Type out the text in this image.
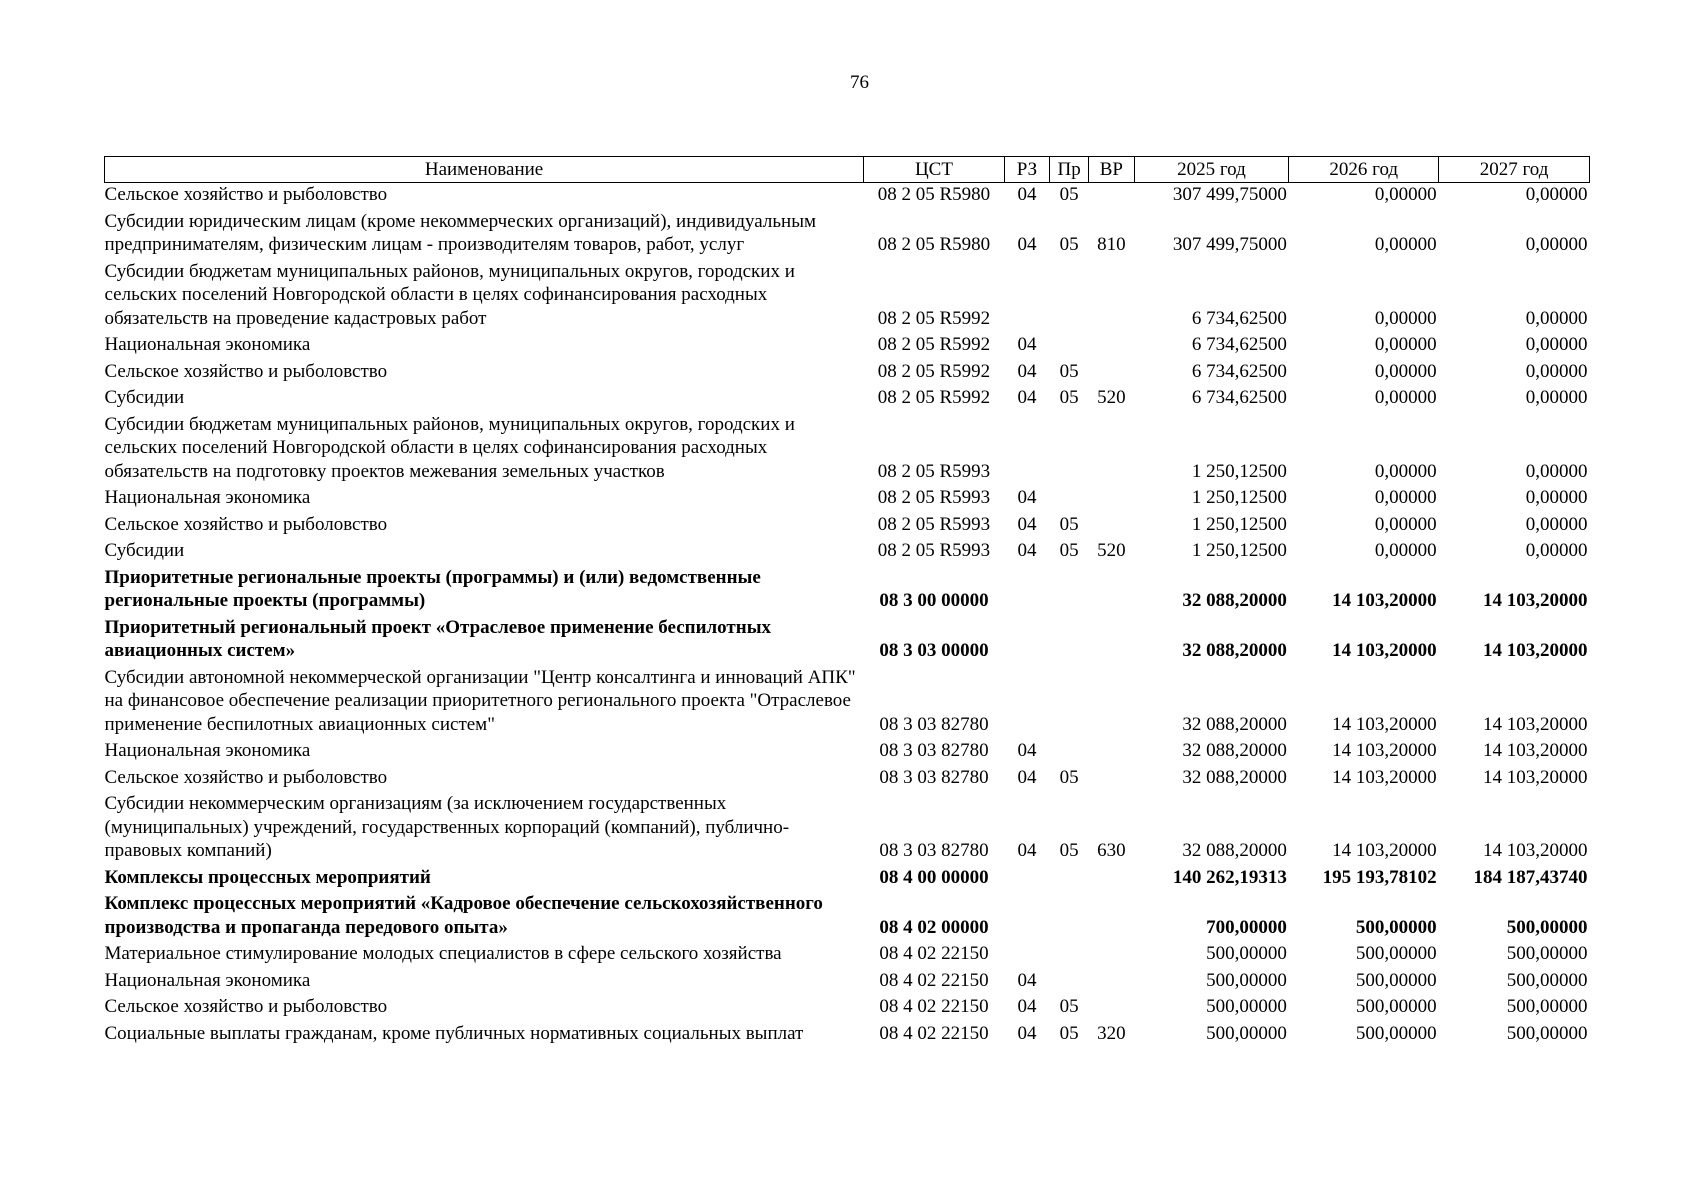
76
Наименование	ЦСТ	РЗ	Пр	ВР	2025 год	2026 год	2027 год
Сельское хозяйство и рыболовство	08 2 05 R5980	04	05		307 499,75000	0,00000	0,00000
Субсидии юридическим лицам (кроме некоммерческих организаций), индивидуальным предпринимателям, физическим лицам - производителям товаров, работ, услуг	08 2 05 R5980	04	05	810	307 499,75000	0,00000	0,00000
Субсидии бюджетам муниципальных районов, муниципальных округов, городских и сельских поселений Новгородской области в целях софинансирования расходных обязательств на проведение кадастровых работ	08 2 05 R5992				6 734,62500	0,00000	0,00000
Национальная экономика	08 2 05 R5992	04			6 734,62500	0,00000	0,00000
Сельское хозяйство и рыболовство	08 2 05 R5992	04	05		6 734,62500	0,00000	0,00000
Субсидии	08 2 05 R5992	04	05	520	6 734,62500	0,00000	0,00000
Субсидии бюджетам муниципальных районов, муниципальных округов, городских и сельских поселений Новгородской области в целях софинансирования расходных обязательств на подготовку проектов межевания земельных участков	08 2 05 R5993				1 250,12500	0,00000	0,00000
Национальная экономика	08 2 05 R5993	04			1 250,12500	0,00000	0,00000
Сельское хозяйство и рыболовство	08 2 05 R5993	04	05		1 250,12500	0,00000	0,00000
Субсидии	08 2 05 R5993	04	05	520	1 250,12500	0,00000	0,00000
Приоритетные региональные проекты (программы) и (или) ведомственные региональные проекты (программы)	08 3 00 00000				32 088,20000	14 103,20000	14 103,20000
Приоритетный региональный проект «Отраслевое применение беспилотных авиационных систем»	08 3 03 00000				32 088,20000	14 103,20000	14 103,20000
Субсидии автономной некоммерческой организации "Центр консалтинга и инноваций АПК" на финансовое обеспечение реализации приоритетного регионального проекта "Отраслевое применение беспилотных авиационных систем"	08 3 03 82780				32 088,20000	14 103,20000	14 103,20000
Национальная экономика	08 3 03 82780	04			32 088,20000	14 103,20000	14 103,20000
Сельское хозяйство и рыболовство	08 3 03 82780	04	05		32 088,20000	14 103,20000	14 103,20000
Субсидии некоммерческим организациям (за исключением государственных (муниципальных) учреждений, государственных корпораций (компаний), публично-правовых компаний)	08 3 03 82780	04	05	630	32 088,20000	14 103,20000	14 103,20000
Комплексы процессных мероприятий	08 4 00 00000				140 262,19313	195 193,78102	184 187,43740
Комплекс процессных мероприятий «Кадровое обеспечение сельскохозяйственного производства и пропаганда передового опыта»	08 4 02 00000				700,00000	500,00000	500,00000
Материальное стимулирование молодых специалистов в сфере сельского хозяйства	08 4 02 22150				500,00000	500,00000	500,00000
Национальная экономика	08 4 02 22150	04			500,00000	500,00000	500,00000
Сельское хозяйство и рыболовство	08 4 02 22150	04	05		500,00000	500,00000	500,00000
Социальные выплаты гражданам, кроме публичных нормативных социальных выплат	08 4 02 22150	04	05	320	500,00000	500,00000	500,00000
